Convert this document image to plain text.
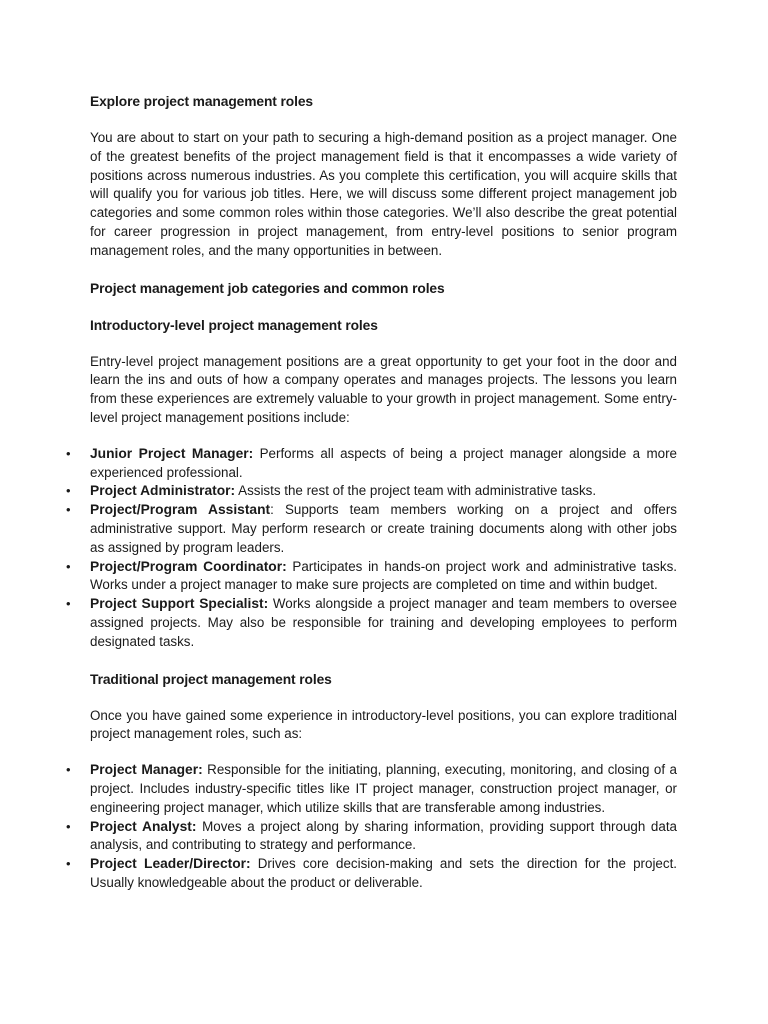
Explore project management roles

You are about to start on your path to securing a high-demand position as a project manager. One of the greatest benefits of the project management field is that it encompasses a wide variety of positions across numerous industries. As you complete this certification, you will acquire skills that will qualify you for various job titles. Here, we will discuss some different project management job categories and some common roles within those categories. We’ll also describe the great potential for career progression in project management, from entry-level positions to senior program management roles, and the many opportunities in between.

Project management job categories and common roles
Introductory-level project management roles

Entry-level project management positions are a great opportunity to get your foot in the door and learn the ins and outs of how a company operates and manages projects. The lessons you learn from these experiences are extremely valuable to your growth in project management. Some entry-level project management positions include:

• Junior Project Manager: Performs all aspects of being a project manager alongside a more experienced professional.
• Project Administrator: Assists the rest of the project team with administrative tasks.
• Project/Program Assistant: Supports team members working on a project and offers administrative support. May perform research or create training documents along with other jobs as assigned by program leaders.
• Project/Program Coordinator: Participates in hands-on project work and administrative tasks. Works under a project manager to make sure projects are completed on time and within budget.
• Project Support Specialist: Works alongside a project manager and team members to oversee assigned projects. May also be responsible for training and developing employees to perform designated tasks.
Traditional project management roles

Once you have gained some experience in introductory-level positions, you can explore traditional project management roles, such as:

• Project Manager: Responsible for the initiating, planning, executing, monitoring, and closing of a project. Includes industry-specific titles like IT project manager, construction project manager, or engineering project manager, which utilize skills that are transferable among industries.
• Project Analyst: Moves a project along by sharing information, providing support through data analysis, and contributing to strategy and performance.
• Project Leader/Director: Drives core decision-making and sets the direction for the project. Usually knowledgeable about the product or deliverable.
